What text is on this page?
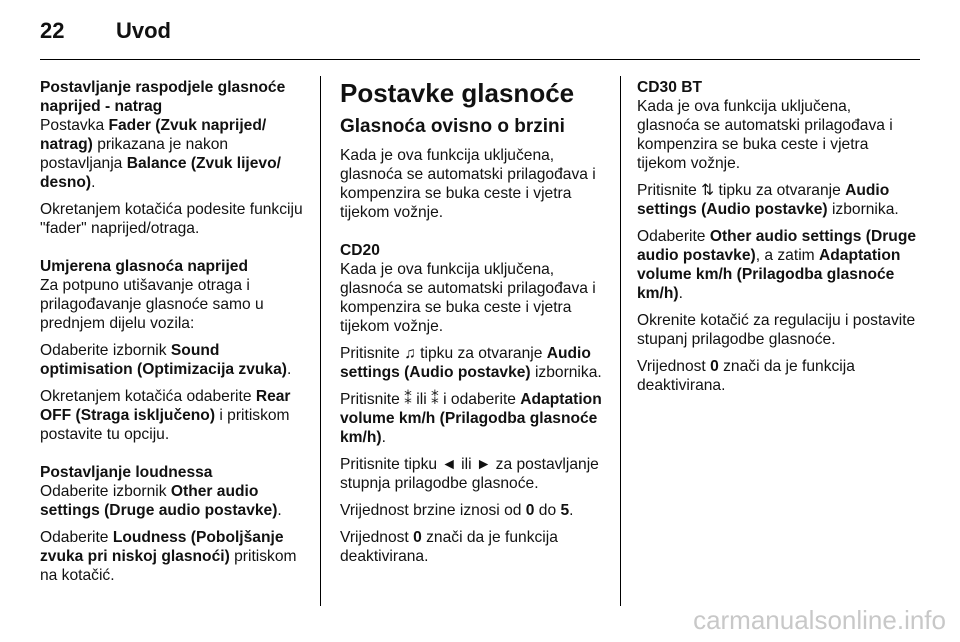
22 Uvod

Postavljanje raspodjele glasnoće naprijed - natrag
Postavka Fader (Zvuk naprijed/ natrag) prikazana je nakon postavljanja Balance (Zvuk lijevo/ desno).

Okretanjem kotačića podesite funkciju "fader" naprijed/otraga.

Umjerena glasnoća naprijed
Za potpuno utišavanje otraga i prilagođavanje glasnoće samo u prednjem dijelu vozila:

Odaberite izbornik Sound optimisation (Optimizacija zvuka).

Okretanjem kotačića odaberite Rear OFF (Straga isključeno) i pritiskom postavite tu opciju.

Postavljanje loudnessa
Odaberite izbornik Other audio settings (Druge audio postavke).

Odaberite Loudness (Poboljšanje zvuka pri niskoj glasnoći) pritiskom na kotačić.

Postavke glasnoće

Glasnoća ovisno o brzini

Kada je ova funkcija uključena, glasnoća se automatski prilagođava i kompenzira se buka ceste i vjetra tijekom vožnje.

CD20
Kada je ova funkcija uključena, glasnoća se automatski prilagođava i kompenzira se buka ceste i vjetra tijekom vožnje.

Pritisnite ♫ tipku za otvaranje Audio settings (Audio postavke) izbornika.

Pritisnite ⁑ ili ⁑ i odaberite Adaptation volume km/h (Prilagodba glasnoće km/h).

Pritisnite tipku ◄ ili ► za postavljanje stupnja prilagodbe glasnoće.

Vrijednost brzine iznosi od 0 do 5.

Vrijednost 0 znači da je funkcija deaktivirana.

CD30 BT
Kada je ova funkcija uključena, glasnoća se automatski prilagođava i kompenzira se buka ceste i vjetra tijekom vožnje.

Pritisnite ⇅ tipku za otvaranje Audio settings (Audio postavke) izbornika.

Odaberite Other audio settings (Druge audio postavke), a zatim Adaptation volume km/h (Prilagodba glasnoće km/h).

Okrenite kotačić za regulaciju i postavite stupanj prilagodbe glasnoće.

Vrijednost 0 znači da je funkcija deaktivirana.

carmanualsonline.info
